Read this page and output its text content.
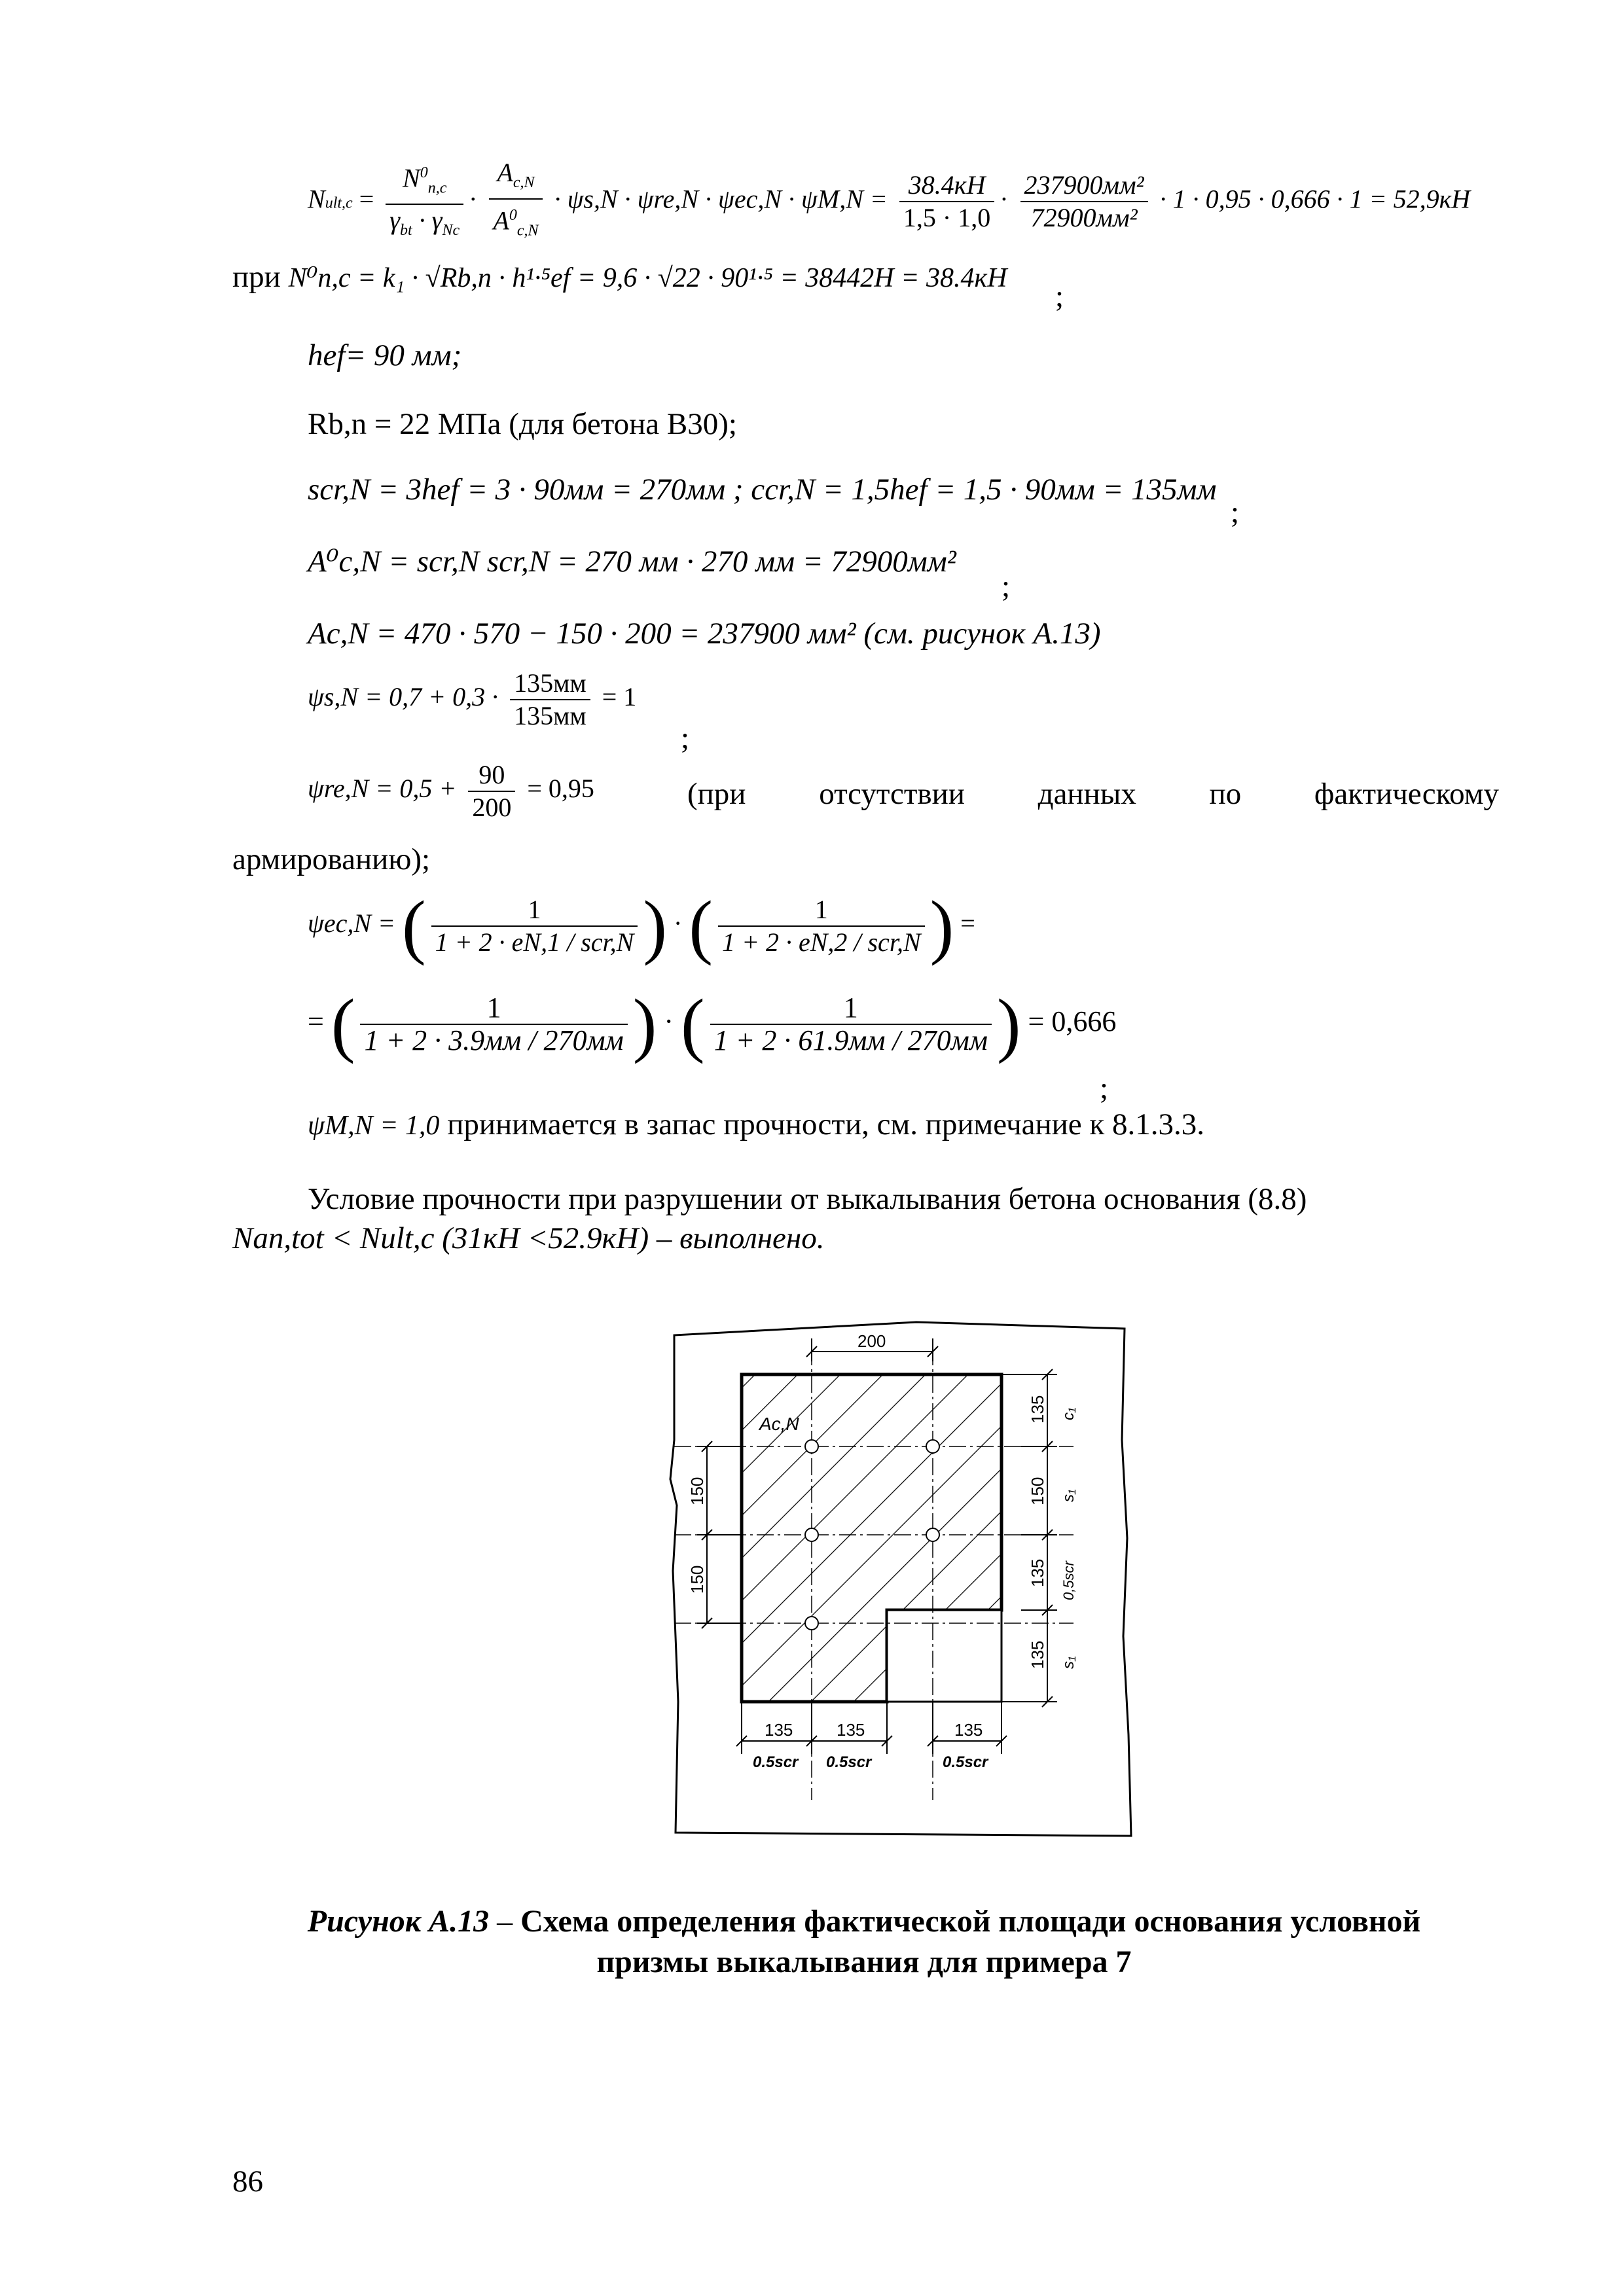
Nult,c = $\frac{N^0_{n,c}}{\gamma_{bt} \cdot \gamma_{Nc}} \cdot \frac{A_{c,N}}{A^0_{c,N}} \cdot \psi s,N \cdot \psi re,N \cdot \psi ec,N \cdot \psi M,N = \frac{38.4кН}{1,5 \cdot 1,0} \cdot \frac{\text{237900мм²}}{\text{72900мм²}} \cdot 1 \cdot 0,95 \cdot 0,666 \cdot 1 = 52,9кН$
при N⁰n,c = k₁ · √Rb,n · h¹·⁵ef = 9,6 · √22 · 90¹·⁵ = 38442Н = 38.4кН
;
hef= 90 мм;
Rb,n = 22 МПа (для бетона В30);
scr,N = 3hef = 3 · 90мм = 270мм ; ccr,N = 1,5hef = 1,5 · 90мм = 135мм
;
A⁰c,N = scr,N scr,N = 270 мм · 270 мм = 72900мм²
;
Ac,N = 470 · 570 − 150 · 200 = 237900 мм² (см. рисунок А.13)
$\psi s,N = 0,7 + 0,3 \cdot \frac{135мм}{135мм} = 1$
;
$\psi re,N = 0,5 + \frac{90}{200} = 0,95$	(при отсутствии данных по фактическому
армированию);
ψec,N = ( $\frac{1}{\text{1 + 2 · eN,1 / scr,N}}$ ) · ( $\frac{1}{\text{1 + 2 · eN,2 / scr,N}}$ ) =
= ( $\frac{1}{1 + 2 \cdot 3.9мм / 270мм}$ ) · ( $\frac{1}{1 + 2 \cdot 61.9мм / 270мм}$ ) = 0,666
;
ψM,N = 1,0 принимается в запас прочности, см. примечание к 8.1.3.3.
Условие прочности при разрушении от выкалывания бетона основания (8.8)
Nan,tot < Nult,c (31кН <52.9кН) – выполнено.
Ac,N
200
135
150
135
135
c₁
s₁
0,5scr
s₁
150
150
135	135	135
0.5scr 0.5scr	0.5scr
Рисунок А.13 – Схема определения фактической площади основания условной
призмы выкалывания для примера 7
86
